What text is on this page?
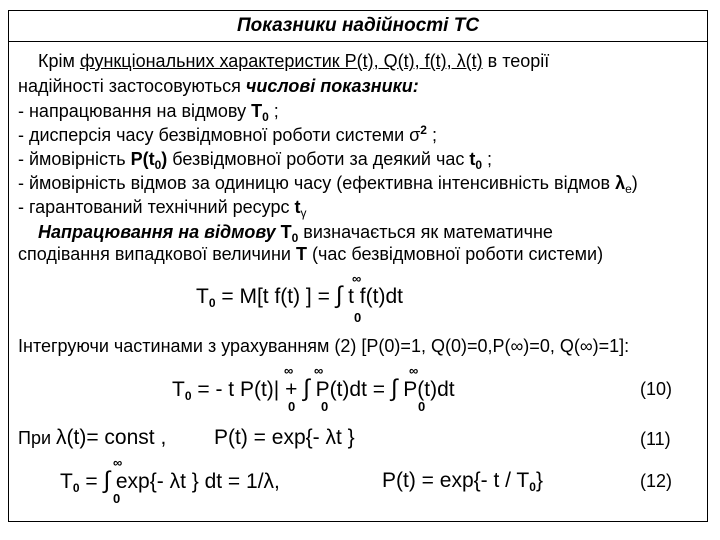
Показники надійності ТС
Крім функціональних характеристик P(t), Q(t), f(t), λ(t) в теорії
надійності застосовуються числові показники:
- напрацювання на відмову $T_0$ ;
- дисперсія часу безвідмовної роботи системи $\sigma^2$ ;
- ймовірність $P(t_0)$ безвідмовної роботи за деякий час $t_0$ ;
- ймовірність відмов за одиницю часу (ефективна інтенсивність відмов $\lambda_e$)
- гарантований технічний ресурс $t_\gamma$
Напрацювання на відмову $T_0$ визначається як математичне
сподівання випадкової величини T (час безвідмовної роботи системи)
$T_0 = M[t$ f(t) ] = ∫ t f(t)dt
∞
0
Інтегруючи частинами з урахуванням (2) [P(0)=1, Q(0)=0,P(∞)=0, Q(∞)=1]:
$T_0$ = - t P(t)| + ∫ P(t)dt = ∫ P(t)dt
∞
0
∞
0
∞
0
(10)
При λ(t)= const , P(t) = exp{- λt }	(11)
$T_0$ = ∫ exp{- λt } dt = 1/λ,
∞
0
P(t) = exp{- t / $T_0$}	(12)
